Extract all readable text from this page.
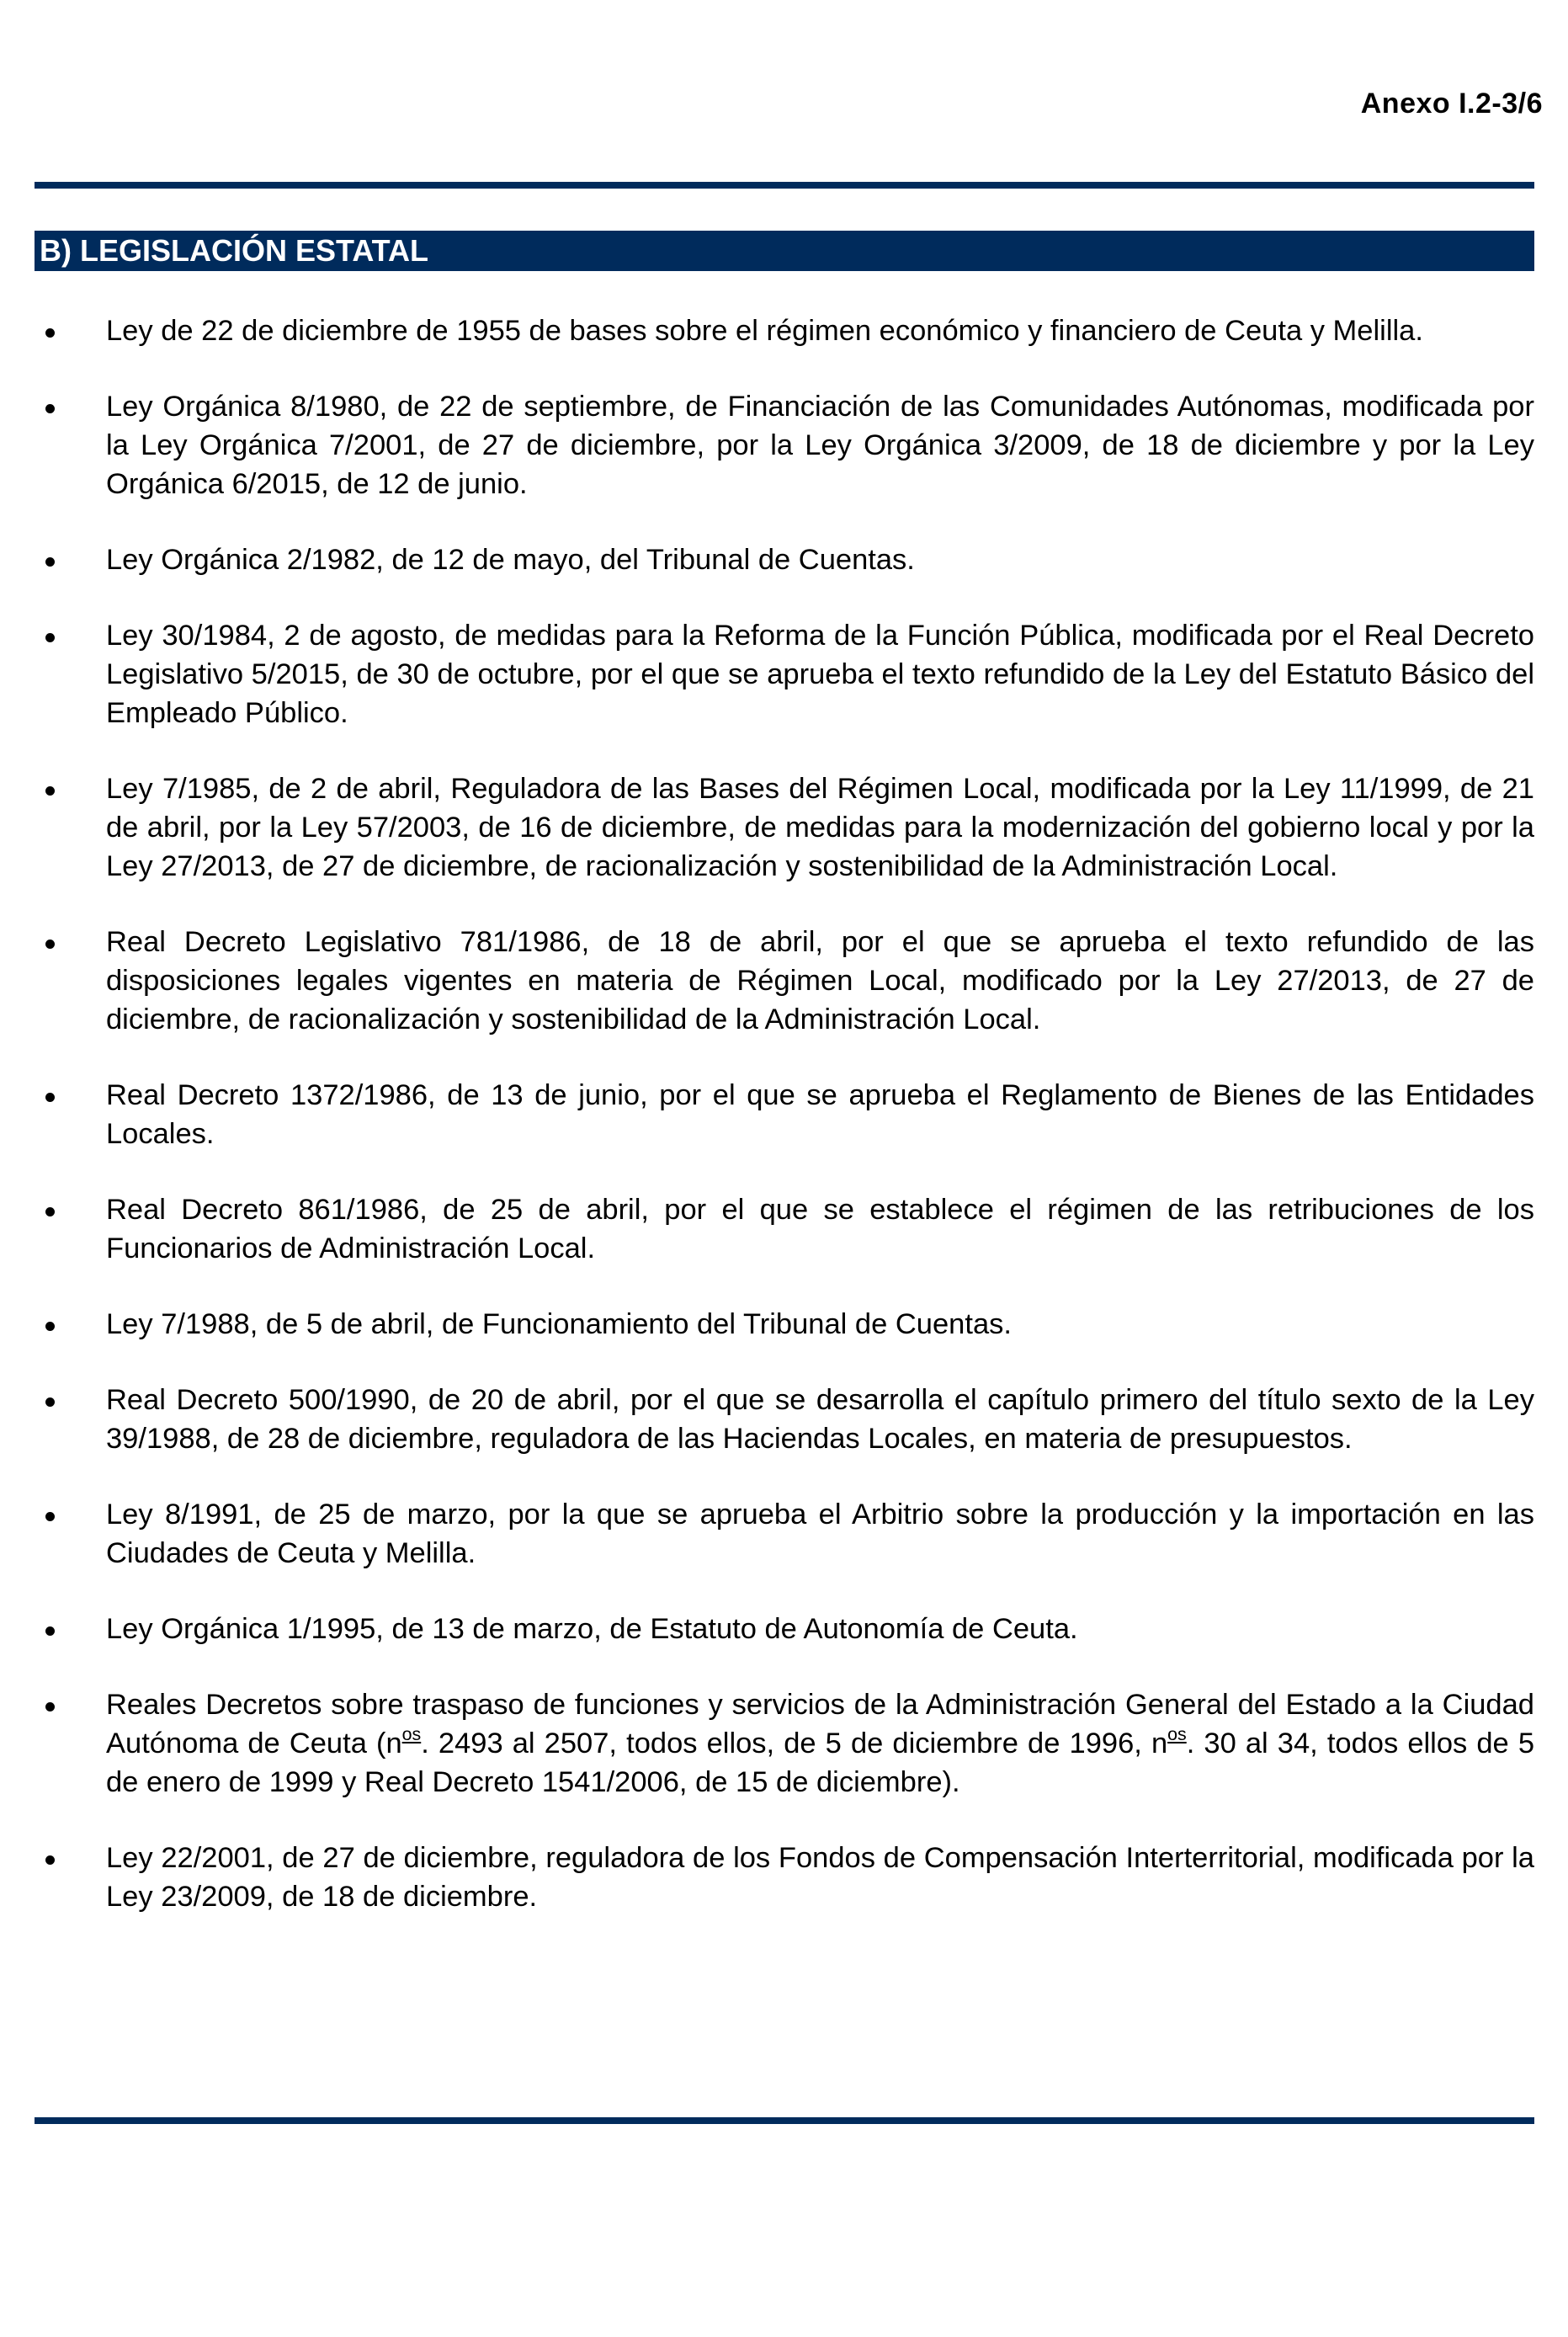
Anexo I.2-3/6
B) LEGISLACIÓN ESTATAL
Ley de 22 de diciembre de 1955 de bases sobre el régimen económico y financiero de Ceuta y Melilla.
Ley Orgánica 8/1980, de 22 de septiembre, de Financiación de las Comunidades Autónomas, modificada por la Ley Orgánica 7/2001, de 27 de diciembre, por la Ley Orgánica 3/2009, de 18 de diciembre y por la Ley Orgánica 6/2015, de 12 de junio.
Ley Orgánica 2/1982, de 12 de mayo, del Tribunal de Cuentas.
Ley 30/1984, 2 de agosto, de medidas para la Reforma de la Función Pública, modificada por el Real Decreto Legislativo 5/2015, de 30 de octubre, por el que se aprueba el texto refundido de la Ley del Estatuto Básico del Empleado Público.
Ley 7/1985, de 2 de abril, Reguladora de las Bases del Régimen Local, modificada por la Ley 11/1999, de 21 de abril, por la Ley 57/2003, de 16 de diciembre, de medidas para la modernización del gobierno local y por la Ley 27/2013, de 27 de diciembre, de racionalización y sostenibilidad de la Administración Local.
Real Decreto Legislativo 781/1986, de 18 de abril, por el que se aprueba el texto refundido de las disposiciones legales vigentes en materia de Régimen Local, modificado por la Ley 27/2013, de 27 de diciembre, de racionalización y sostenibilidad de la Administración Local.
Real Decreto 1372/1986, de 13 de junio, por el que se aprueba el Reglamento de Bienes de las Entidades Locales.
Real Decreto 861/1986, de 25 de abril, por el que se establece el régimen de las retribuciones de los Funcionarios de Administración Local.
Ley 7/1988, de 5 de abril, de Funcionamiento del Tribunal de Cuentas.
Real Decreto 500/1990, de 20 de abril, por el que se desarrolla el capítulo primero del título sexto de la Ley 39/1988, de 28 de diciembre, reguladora de las Haciendas Locales, en materia de presupuestos.
Ley 8/1991, de 25 de marzo, por la que se aprueba el Arbitrio sobre la producción y la importación en las Ciudades de Ceuta y Melilla.
Ley Orgánica 1/1995, de 13 de marzo, de Estatuto de Autonomía de Ceuta.
Reales Decretos sobre traspaso de funciones y servicios de la Administración General del Estado a la Ciudad Autónoma de Ceuta ($n^{os}$. 2493 al 2507, todos ellos, de 5 de diciembre de 1996, $n^{os}$. 30 al 34, todos ellos de 5 de enero de 1999 y Real Decreto 1541/2006, de 15 de diciembre).
Ley 22/2001, de 27 de diciembre, reguladora de los Fondos de Compensación Interterritorial, modificada por la Ley 23/2009, de 18 de diciembre.
